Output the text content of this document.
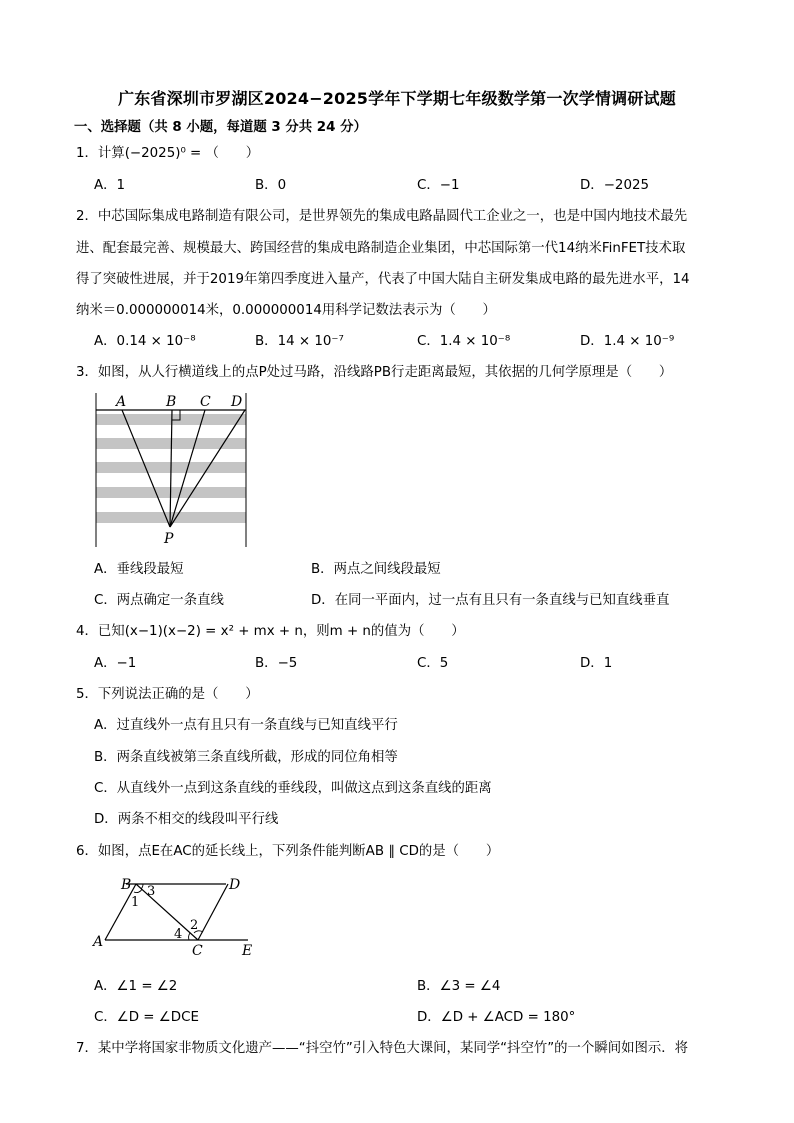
广东省深圳市罗湖区2024−2025学年下学期七年级数学第一次学情调研试题
一、选择题（共 8 小题，每道题 3 分共 24 分）
1．计算(−2025)⁰ = （　　）
A．1	B．0	C．−1	D．−2025
2．中芯国际集成电路制造有限公司，是世界领先的集成电路晶圆代工企业之一，也是中国内地技术最先
进、配套最完善、规模最大、跨国经营的集成电路制造企业集团，中芯国际第一代14纳米FinFET技术取
得了突破性进展，并于2019年第四季度进入量产，代表了中国大陆自主研发集成电路的最先进水平，14
纳米＝0.000000014米，0.000000014用科学记数法表示为（　　）
A．0.14 × 10⁻⁸	B．14 × 10⁻⁷	C．1.4 × 10⁻⁸	D．1.4 × 10⁻⁹
3．如图，从人行横道线上的点P处过马路，沿线路PB行走距离最短，其依据的几何学原理是（　　）
A	B C D
P
A．垂线段最短	B．两点之间线段最短
C．两点确定一条直线	D．在同一平面内，过一点有且只有一条直线与已知直线垂直
4．已知(x−1)(x−2) = x² + mx + n，则m + n的值为（　　）
A．−1	B．−5	C．5	D．1
5．下列说法正确的是（　　）
A．过直线外一点有且只有一条直线与已知直线平行
B．两条直线被第三条直线所截，形成的同位角相等
C．从直线外一点到这条直线的垂线段，叫做这点到这条直线的距离
D．两条不相交的线段叫平行线
6．如图，点E在AC的延长线上，下列条件能判断AB ∥ CD的是（　　）
B	D
A
C	E
1
3
2
4
A．∠1 = ∠2	B．∠3 = ∠4
C．∠D = ∠DCE	D．∠D + ∠ACD = 180°
7．某中学将国家非物质文化遗产——“抖空竹”引入特色大课间，某同学“抖空竹”的一个瞬间如图示．将
